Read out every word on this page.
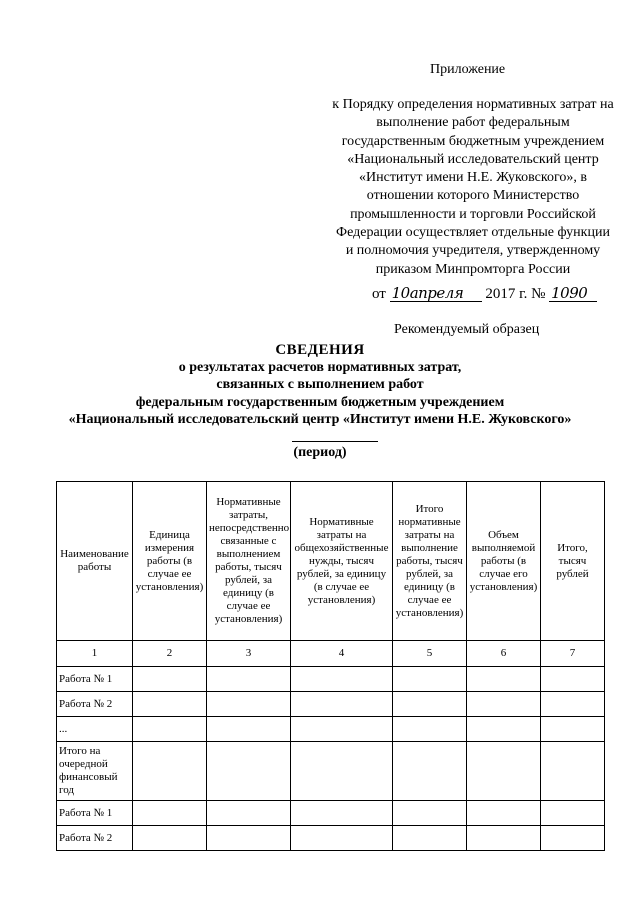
Приложение
к Порядку определения нормативных затрат на выполнение работ федеральным государственным бюджетным учреждением «Национальный исследовательский центр «Институт имени Н.Е. Жуковского», в отношении которого Министерство промышленности и торговли Российской Федерации осуществляет отдельные функции и полномочия учредителя, утвержденному приказом Минпромторга России
от 10апреля 2017 г. № 1090
Рекомендуемый образец
СВЕДЕНИЯ
о результатах расчетов нормативных затрат,
связанных с выполнением работ
федеральным государственным бюджетным учреждением
«Национальный исследовательский центр «Институт имени Н.Е. Жуковского»
(период)
Наименование работы	Единица измерения работы (в случае ее установления)	Нормативные затраты, непосредственно связанные с выполнением работы, тысяч рублей, за единицу (в случае ее установления)	Нормативные затраты на общехозяйственные нужды, тысяч рублей, за единицу (в случае ее установления)	Итого нормативные затраты на выполнение работы, тысяч рублей, за единицу (в случае ее установления)	Объем выполняемой работы (в случае его установления)	Итого, тысяч рублей
1	2	3	4	5	6	7
Работа № 1						
Работа № 2						
...						
Итого на очередной финансовый год						
Работа № 1						
Работа № 2						
